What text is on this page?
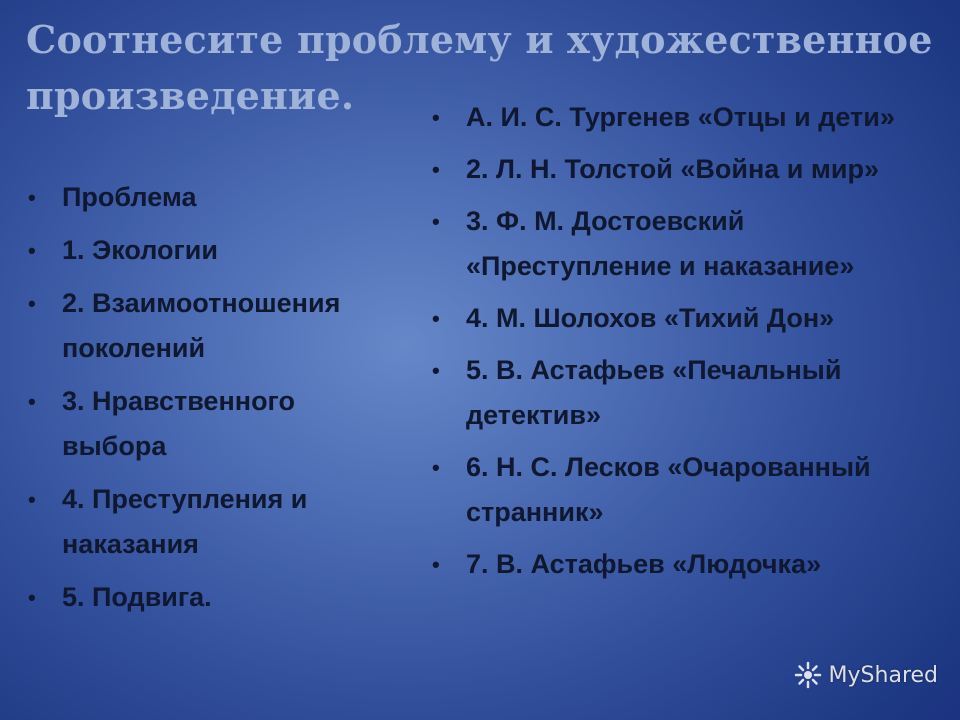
Соотнесите проблему и художественное произведение.
• Проблема
• 1. Экологии
• 2. Взаимоотношения поколений
• 3. Нравственного выбора
• 4. Преступления и наказания
• 5. Подвига.
• А. И. С. Тургенев «Отцы и дети»
• 2. Л. Н. Толстой «Война и мир»
• 3. Ф. М. Достоевский «Преступление и наказание»
• 4. М. Шолохов «Тихий Дон»
• 5. В. Астафьев «Печальный детектив»
• 6. Н. С. Лесков «Очарованный странник»
• 7. В. Астафьев «Людочка»
MyShared
